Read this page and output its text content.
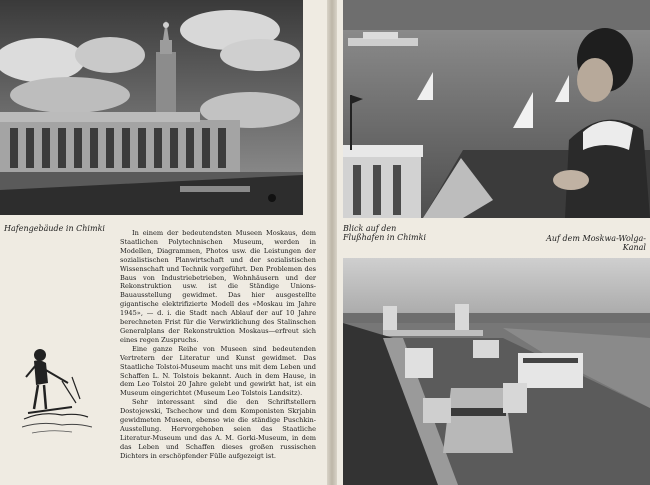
Hafengebäude in Chimki	Blick auf den Flußhafen in Chimki	Auf dem Moskwa-Wolga-Kanal

In einem der bedeutendsten Museen Moskaus, dem Staatlichen Polytechnischen Museum, werden in Modellen, Diagrammen, Photos usw. die Leistungen der sozialistischen Planwirtschaft und der sozialistischen Wissenschaft und Technik vorgeführt. Den Problemen des Baus von Industriebetrieben, Wohnhäusern und der Rekonstruktion usw. ist die Ständige Unions-Bauausstellung gewidmet. Das hier ausgestellte gigantische elektrifizierte Modell des «Moskau im Jahre 1945», — d. i. die Stadt nach Ablauf der auf 10 Jahre berechneten Frist für die Verwirklichung des Stalinschen Generalplans der Rekonstruktion Moskaus—erfreut sich eines regen Zuspruchs.

Eine ganze Reihe von Museen sind bedeutenden Vertretern der Literatur und Kunst gewidmet. Das Staatliche Tolstoi-Museum macht uns mit dem Leben und Schaffen L. N. Tolstois bekannt. Auch in dem Hause, in dem Leo Tolstoi 20 Jahre gelebt und gewirkt hat, ist ein Museum eingerichtet (Museum Leo Tolstois Landsitz).

Sehr interessant sind die den Schriftstellern Dostojewski, Tschechow und dem Komponisten Skrjabin gewidmeten Museen, ebenso wie die ständige Puschkin-Ausstellung. Hervorgehoben seien das Staatliche Literatur-Museum und das A. M. Gorki-Museum, in dem das Leben und Schaffen dieses großen russischen Dichters in erschöpfender Fülle aufgezeigt ist.
